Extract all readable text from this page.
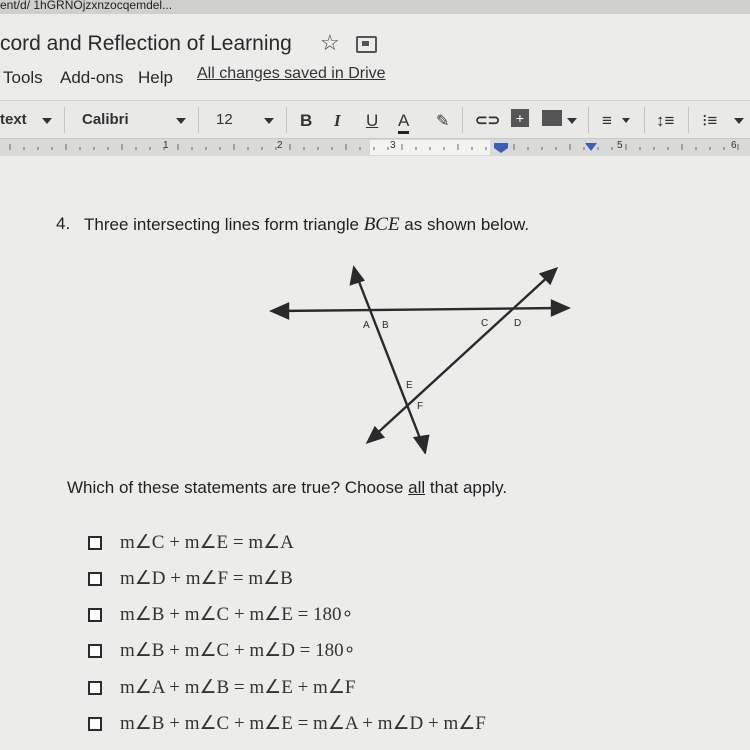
ent/d/ 1hGRNOjzxnzocqemdel...
cord and Reflection of Learning ☆
Tools Add-ons Help All changes saved in Drive
text	Calibri	12	B I U A ✎ ⊂⊃	+	≡	↕≡ ⁝≡
1	2	3	5	6
4. Three intersecting lines form triangle BCE as shown below.
A B	C	D
E
F
Which of these statements are true? Choose all that apply.
m∠C + m∠E = m∠A
m∠D + m∠F = m∠B
m∠B + m∠C + m∠E = 180∘
m∠B + m∠C + m∠D = 180∘
m∠A + m∠B = m∠E + m∠F
m∠B + m∠C + m∠E = m∠A + m∠D + m∠F
